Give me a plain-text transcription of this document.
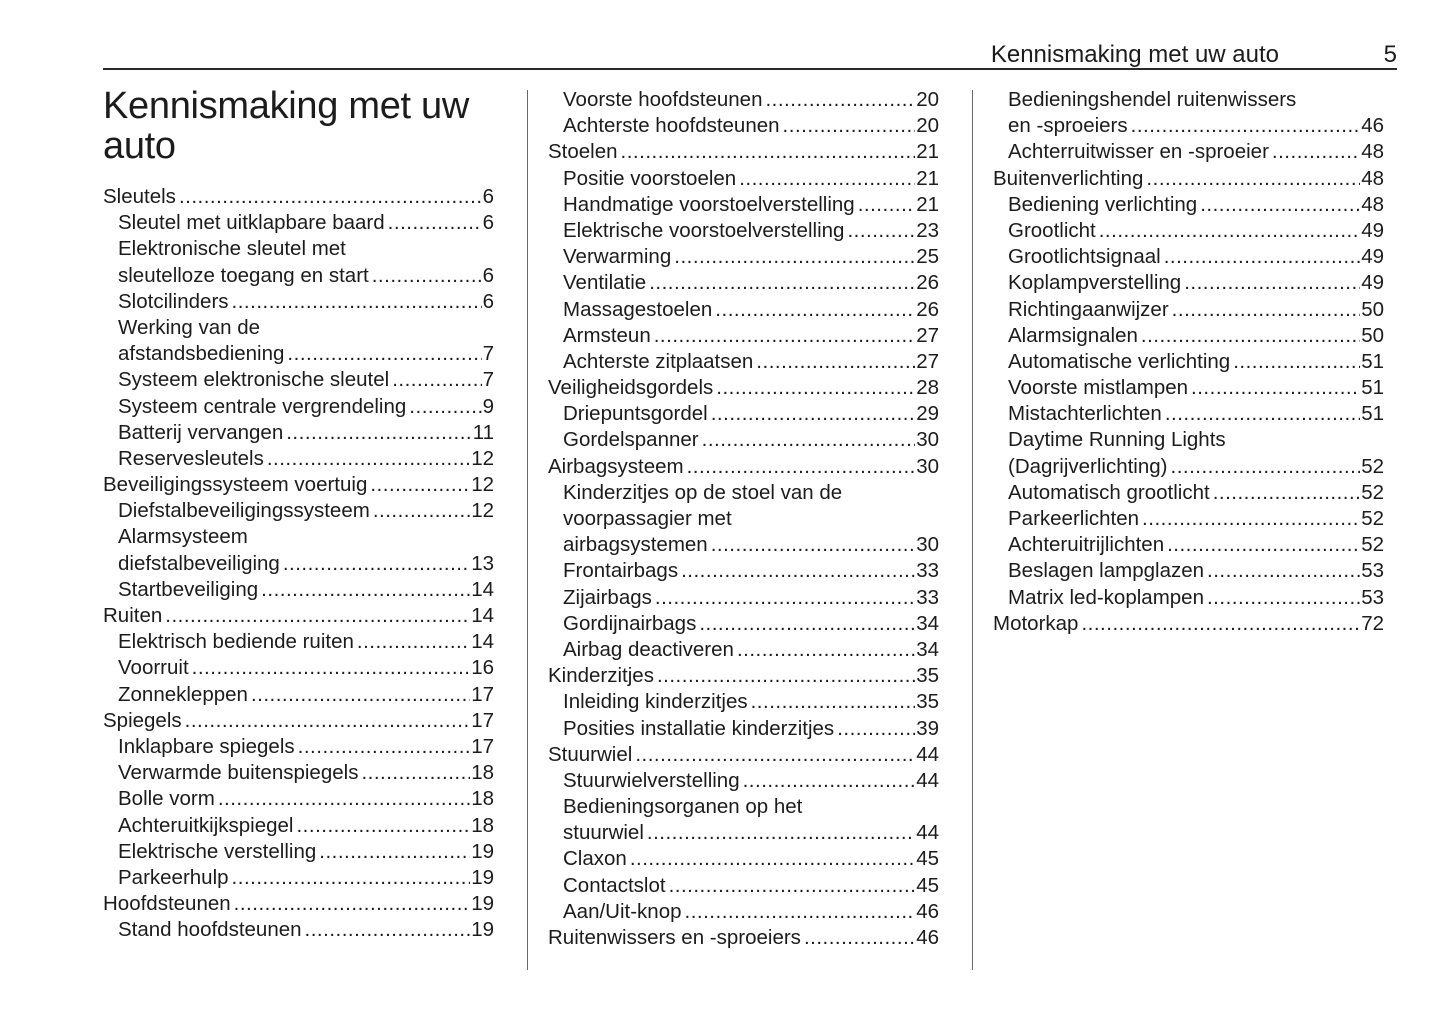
Kennismaking met uw auto	5
Kennismaking met uw auto
Sleutels .....	6
Sleutel met uitklapbare baard .....	6
Elektronische sleutel met
sleutelloze toegang en start .....	6
Slotcilinders .....	6
Werking van de
afstandsbediening .....	7
Systeem elektronische sleutel .....	7
Systeem centrale vergrendeling .....	9
Batterij vervangen .....	11
Reservesleutels .....	12
Beveiligingssysteem voertuig .....	12
Diefstalbeveiligingssysteem .....	12
Alarmsysteem
diefstalbeveiliging .....	13
Startbeveiliging .....	14
Ruiten .....	14
Elektrisch bediende ruiten .....	14
Voorruit .....	16
Zonnekleppen .....	17
Spiegels .....	17
Inklapbare spiegels .....	17
Verwarmde buitenspiegels .....	18
Bolle vorm .....	18
Achteruitkijkspiegel .....	18
Elektrische verstelling .....	19
Parkeerhulp .....	19
Hoofdsteunen .....	19
Stand hoofdsteunen .....	19
Voorste hoofdsteunen .....	20
Achterste hoofdsteunen .....	20
Stoelen .....	21
Positie voorstoelen .....	21
Handmatige voorstoelverstelling .....	21
Elektrische voorstoelverstelling .....	23
Verwarming .....	25
Ventilatie .....	26
Massagestoelen .....	26
Armsteun .....	27
Achterste zitplaatsen .....	27
Veiligheidsgordels .....	28
Driepuntsgordel .....	29
Gordelspanner .....	30
Airbagsysteem .....	30
Kinderzitjes op de stoel van de
voorpassagier met
airbagsystemen .....	30
Frontairbags .....	33
Zijairbags .....	33
Gordijnairbags .....	34
Airbag deactiveren .....	34
Kinderzitjes .....	35
Inleiding kinderzitjes .....	35
Posities installatie kinderzitjes .....	39
Stuurwiel .....	44
Stuurwielverstelling .....	44
Bedieningsorganen op het
stuurwiel .....	44
Claxon .....	45
Contactslot .....	45
Aan/Uit-knop .....	46
Ruitenwissers en -sproeiers .....	46
Bedieningshendel ruitenwissers
en -sproeiers .....	46
Achterruitwisser en -sproeier .....	48
Buitenverlichting .....	48
Bediening verlichting .....	48
Grootlicht .....	49
Grootlichtsignaal .....	49
Koplampverstelling .....	49
Richtingaanwijzer .....	50
Alarmsignalen .....	50
Automatische verlichting .....	51
Voorste mistlampen .....	51
Mistachterlichten .....	51
Daytime Running Lights
(Dagrijverlichting) .....	52
Automatisch grootlicht .....	52
Parkeerlichten .....	52
Achteruitrijlichten .....	52
Beslagen lampglazen .....	53
Matrix led-koplampen .....	53
Motorkap .....	72
